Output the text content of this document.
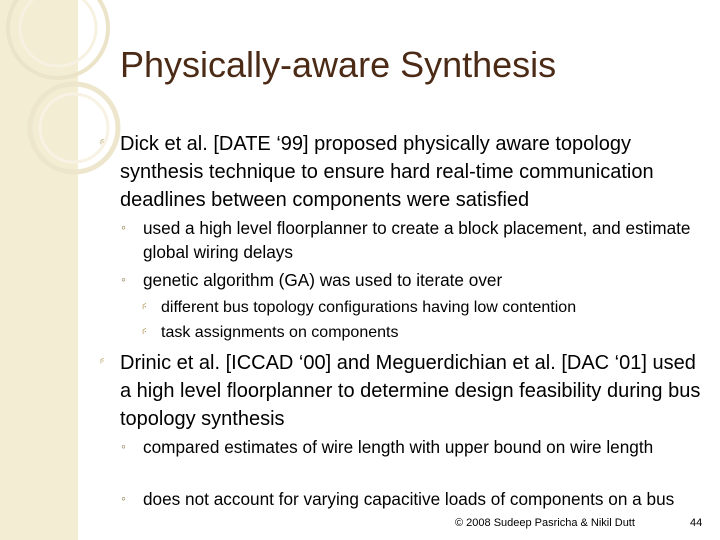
Physically-aware Synthesis
⸄ Dick et al. [DATE ‘99] proposed physically aware topology synthesis technique to ensure hard real-time communication deadlines between components were satisfied
◦ used a high level floorplanner to create a block placement, and estimate global wiring delays
◦ genetic algorithm (GA) was used to iterate over
⸄ different bus topology configurations having low contention
⸄ task assignments on components
⸄ Drinic et al. [ICCAD ‘00] and Meguerdichian et al. [DAC ‘01] used a high level floorplanner to determine design feasibility during bus topology synthesis
◦ compared estimates of wire length with upper bound on wire length
◦ does not account for varying capacitive loads of components on a bus
© 2008 Sudeep Pasricha & Nikil Dutt	44
